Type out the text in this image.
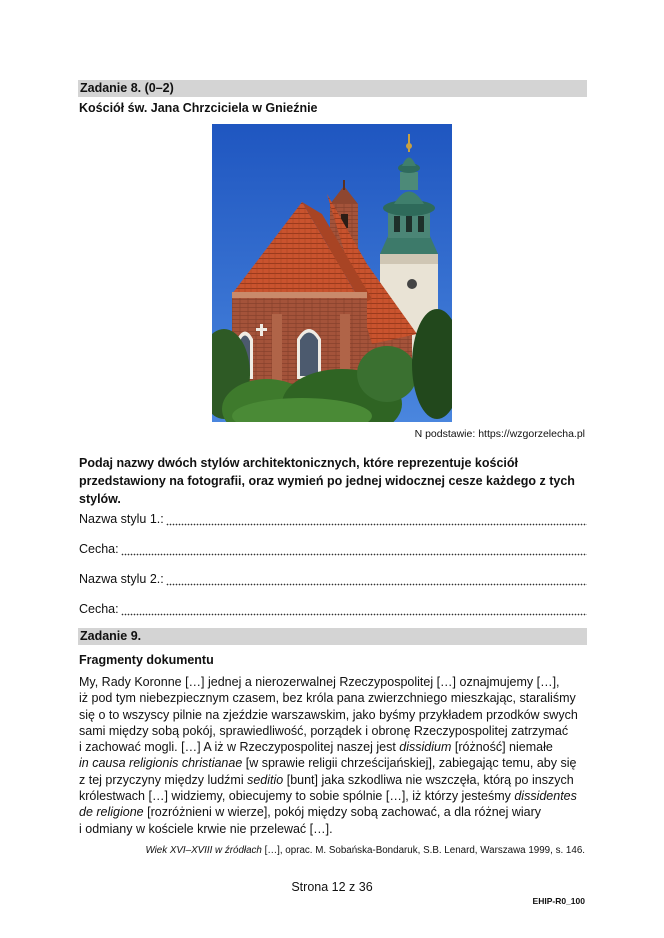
Zadanie 8. (0–2)
Kościół św. Jana Chrzciciela w Gnieźnie
N podstawie: https://wzgorzelecha.pl
Podaj nazwy dwóch stylów architektonicznych, które reprezentuje kościół przedstawiony na fotografii, oraz wymień po jednej widocznej cesze każdego z tych stylów.
Nazwa stylu 1.:
Cecha:
Nazwa stylu 2.:
Cecha:
Zadanie 9.
Fragmenty dokumentu

My, Rady Koronne […] jednej a nierozerwalnej Rzeczypospolitej […] oznajmujemy […],

iż pod tym niebezpiecznym czasem, bez króla pana zwierzchniego mieszkając, staraliśmy

się o to wszyscy pilnie na zjeździe warszawskim, jako byśmy przykładem przodków swych

sami między sobą pokój, sprawiedliwość, porządek i obronę Rzeczypospolitej zatrzymać

i zachować mogli. […] A iż w Rzeczypospolitej naszej jest dissidium [różność] niemałe

in causa religionis christianae [w sprawie religii chrześcijańskiej], zabiegając temu, aby się

z tej przyczyny między ludźmi seditio [bunt] jaka szkodliwa nie wszczęła, którą po inszych

królestwach […] widziemy, obiecujemy to sobie spólnie […], iż którzy jesteśmy dissidentes

de religione [rozróżnieni w wierze], pokój między sobą zachować, a dla różnej wiary

i odmiany w kościele krwie nie przelewać […].

Wiek XVI–XVIII w źródłach […], oprac. M. Sobańska-Bondaruk, S.B. Lenard, Warszawa 1999, s. 146.
Strona 12 z 36
EHIP-R0_100
